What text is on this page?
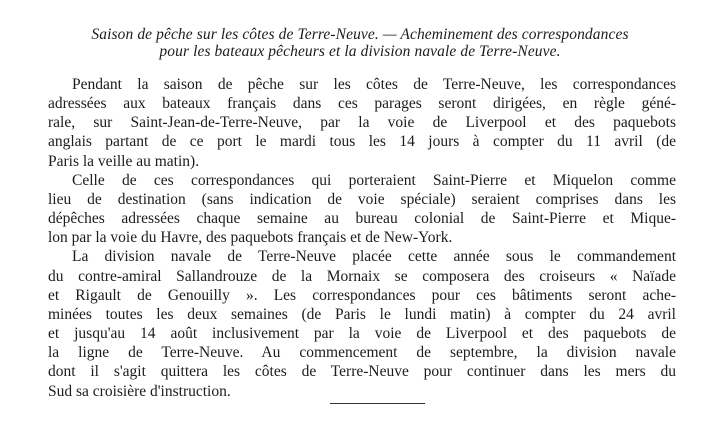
Saison de pêche sur les côtes de Terre-Neuve. — Acheminement des correspondances
pour les bateaux pêcheurs et la division navale de Terre-Neuve.
Pendant la saison de pêche sur les côtes de Terre-Neuve, les correspondances
adressées aux bateaux français dans ces parages seront dirigées, en règle géné-
rale, sur Saint-Jean-de-Terre-Neuve, par la voie de Liverpool et des paquebots
anglais partant de ce port le mardi tous les 14 jours à compter du 11 avril (de
Paris la veille au matin).
Celle de ces correspondances qui porteraient Saint-Pierre et Miquelon comme
lieu de destination (sans indication de voie spéciale) seraient comprises dans les
dépêches adressées chaque semaine au bureau colonial de Saint-Pierre et Mique-
lon par la voie du Havre, des paquebots français et de New-York.
La division navale de Terre-Neuve placée cette année sous le commandement
du contre-amiral Sallandrouze de la Mornaix se composera des croiseurs « Naïade
et Rigault de Genouilly ». Les correspondances pour ces bâtiments seront ache-
minées toutes les deux semaines (de Paris le lundi matin) à compter du 24 avril
et jusqu'au 14 août inclusivement par la voie de Liverpool et des paquebots de
la ligne de Terre-Neuve. Au commencement de septembre, la division navale
dont il s'agit quittera les côtes de Terre-Neuve pour continuer dans les mers du
Sud sa croisière d'instruction.
